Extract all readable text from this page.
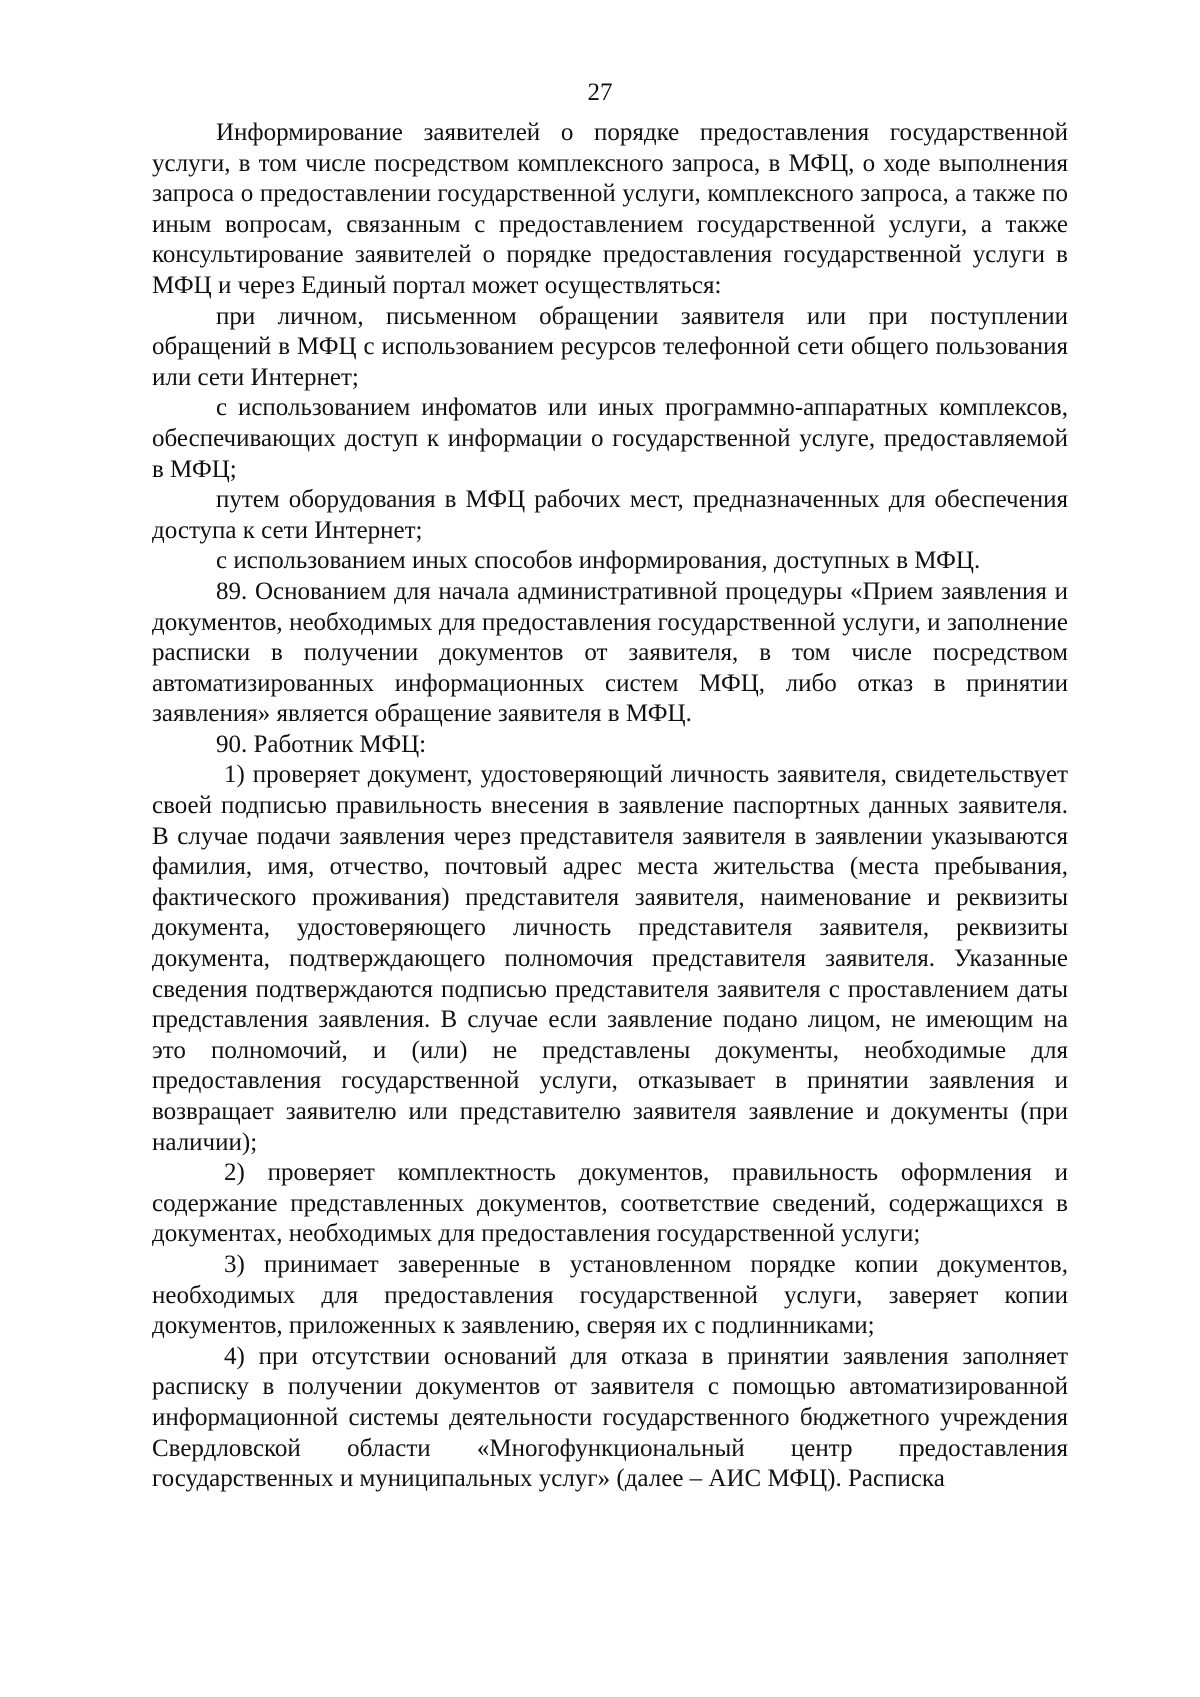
27

Информирование заявителей о порядке предоставления государственной услуги, в том числе посредством комплексного запроса, в МФЦ, о ходе выполнения запроса о предоставлении государственной услуги, комплексного запроса, а также по иным вопросам, связанным с предоставлением государственной услуги, а также консультирование заявителей о порядке предоставления государственной услуги в МФЦ и через Единый портал может осуществляться:

при личном, письменном обращении заявителя или при поступлении обращений в МФЦ с использованием ресурсов телефонной сети общего пользования или сети Интернет;

с использованием инфоматов или иных программно-аппаратных комплексов, обеспечивающих доступ к информации о государственной услуге, предоставляемой в МФЦ;

путем оборудования в МФЦ рабочих мест, предназначенных для обеспечения доступа к сети Интернет;

с использованием иных способов информирования, доступных в МФЦ.

89. Основанием для начала административной процедуры «Прием заявления и документов, необходимых для предоставления государственной услуги, и заполнение расписки в получении документов от заявителя, в том числе посредством автоматизированных информационных систем МФЦ, либо отказ в принятии заявления» является обращение заявителя в МФЦ.

90. Работник МФЦ:

1) проверяет документ, удостоверяющий личность заявителя, свидетельствует своей подписью правильность внесения в заявление паспортных данных заявителя. В случае подачи заявления через представителя заявителя в заявлении указываются фамилия, имя, отчество, почтовый адрес места жительства (места пребывания, фактического проживания) представителя заявителя, наименование и реквизиты документа, удостоверяющего личность представителя заявителя, реквизиты документа, подтверждающего полномочия представителя заявителя. Указанные сведения подтверждаются подписью представителя заявителя с проставлением даты представления заявления. В случае если заявление подано лицом, не имеющим на это полномочий, и (или) не представлены документы, необходимые для предоставления государственной услуги, отказывает в принятии заявления и возвращает заявителю или представителю заявителя заявление и документы (при наличии);

2) проверяет комплектность документов, правильность оформления и содержание представленных документов, соответствие сведений, содержащихся в документах, необходимых для предоставления государственной услуги;

3) принимает заверенные в установленном порядке копии документов, необходимых для предоставления государственной услуги, заверяет копии документов, приложенных к заявлению, сверяя их с подлинниками;

4) при отсутствии оснований для отказа в принятии заявления заполняет расписку в получении документов от заявителя с помощью автоматизированной информационной системы деятельности государственного бюджетного учреждения Свердловской области «Многофункциональный центр предоставления государственных и муниципальных услуг» (далее – АИС МФЦ). Расписка
